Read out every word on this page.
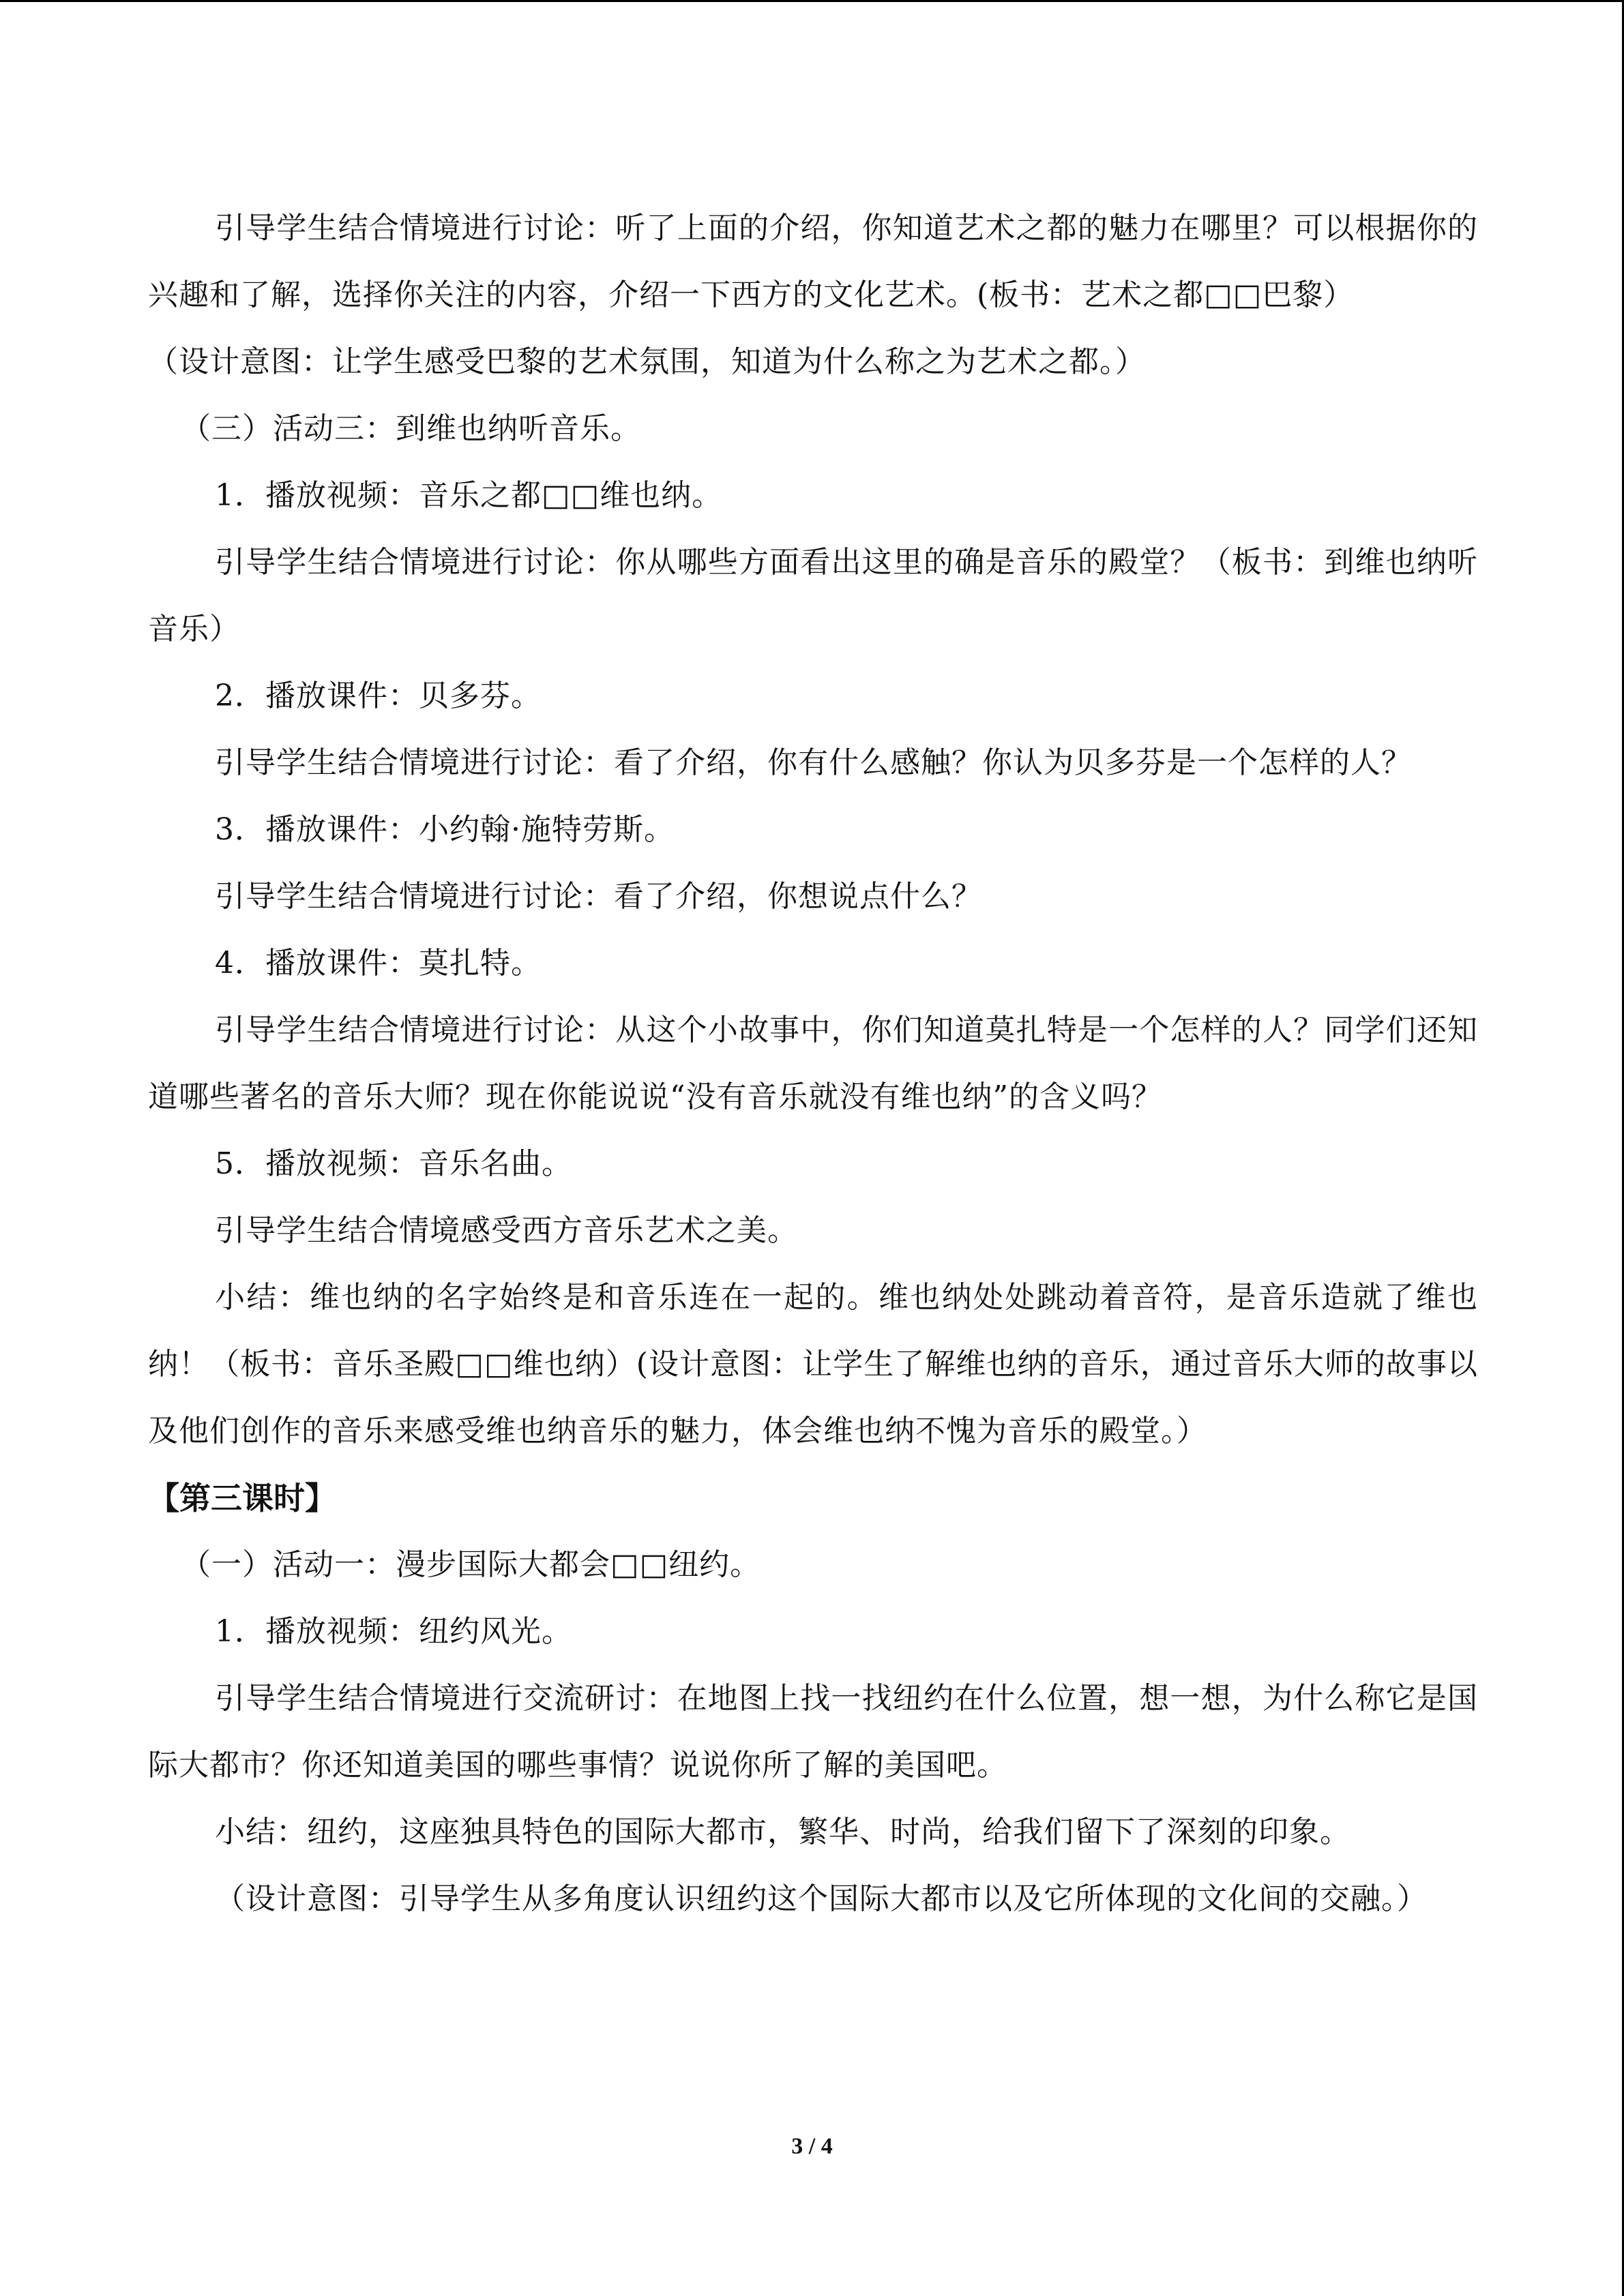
引导学生结合情境进行讨论：听了上面的介绍，你知道艺术之都的魅力在哪里？可以根据你的兴趣和了解，选择你关注的内容，介绍一下西方的文化艺术。(板书：艺术之都□□巴黎）

（设计意图：让学生感受巴黎的艺术氛围，知道为什么称之为艺术之都。）

（三）活动三：到维也纳听音乐。

1．播放视频：音乐之都□□维也纳。

引导学生结合情境进行讨论：你从哪些方面看出这里的确是音乐的殿堂？（板书：到维也纳听音乐）

2．播放课件：贝多芬。

引导学生结合情境进行讨论：看了介绍，你有什么感触？你认为贝多芬是一个怎样的人？

3．播放课件：小约翰·施特劳斯。

引导学生结合情境进行讨论：看了介绍，你想说点什么？

4．播放课件：莫扎特。

引导学生结合情境进行讨论：从这个小故事中，你们知道莫扎特是一个怎样的人？同学们还知道哪些著名的音乐大师？现在你能说说“没有音乐就没有维也纳”的含义吗？

5．播放视频：音乐名曲。

引导学生结合情境感受西方音乐艺术之美。

小结：维也纳的名字始终是和音乐连在一起的。维也纳处处跳动着音符，是音乐造就了维也纳！（板书：音乐圣殿□□维也纳）(设计意图：让学生了解维也纳的音乐，通过音乐大师的故事以及他们创作的音乐来感受维也纳音乐的魅力，体会维也纳不愧为音乐的殿堂。）

【第三课时】

（一）活动一：漫步国际大都会□□纽约。

1．播放视频：纽约风光。

引导学生结合情境进行交流研讨：在地图上找一找纽约在什么位置，想一想，为什么称它是国际大都市？你还知道美国的哪些事情？说说你所了解的美国吧。

小结：纽约，这座独具特色的国际大都市，繁华、时尚，给我们留下了深刻的印象。

（设计意图：引导学生从多角度认识纽约这个国际大都市以及它所体现的文化间的交融。）

3 / 4
